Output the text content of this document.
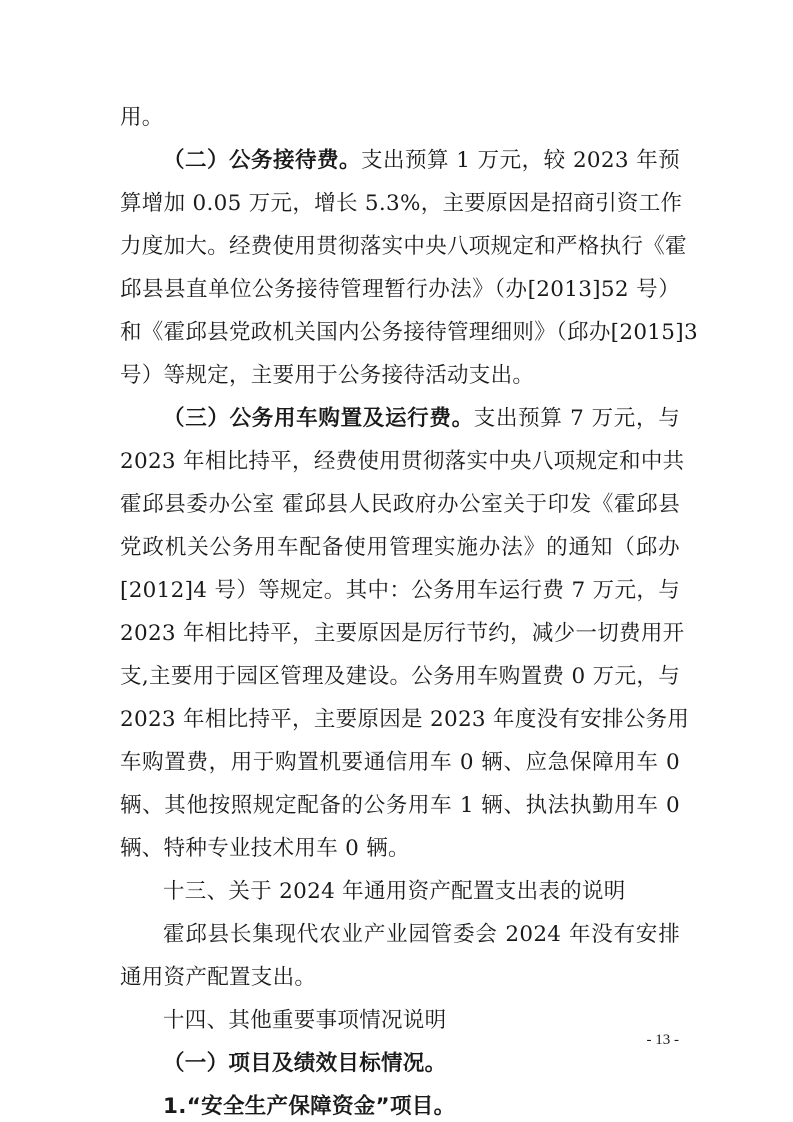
用。
（二）公务接待费。支出预算 1 万元，较 2023 年预
算增加 0.05 万元，增长 5.3%，主要原因是招商引资工作
力度加大。经费使用贯彻落实中央八项规定和严格执行《霍
邱县县直单位公务接待管理暂行办法》（办[2013]52 号）
和《霍邱县党政机关国内公务接待管理细则》（邱办[2015]3
号）等规定，主要用于公务接待活动支出。
（三）公务用车购置及运行费。支出预算 7 万元，与
2023 年相比持平，经费使用贯彻落实中央八项规定和中共
霍邱县委办公室 霍邱县人民政府办公室关于印发《霍邱县
党政机关公务用车配备使用管理实施办法》的通知（邱办
[2012]4 号）等规定。其中：公务用车运行费 7 万元，与
2023 年相比持平，主要原因是厉行节约，减少一切费用开
支,主要用于园区管理及建设。公务用车购置费 0 万元，与
2023 年相比持平，主要原因是 2023 年度没有安排公务用
车购置费，用于购置机要通信用车 0 辆、应急保障用车 0
辆、其他按照规定配备的公务用车 1 辆、执法执勤用车 0
辆、特种专业技术用车 0 辆。
十三、关于 2024 年通用资产配置支出表的说明
霍邱县长集现代农业产业园管委会 2024 年没有安排
通用资产配置支出。
十四、其他重要事项情况说明
（一）项目及绩效目标情况。
1.“安全生产保障资金”项目。
- 13 -
